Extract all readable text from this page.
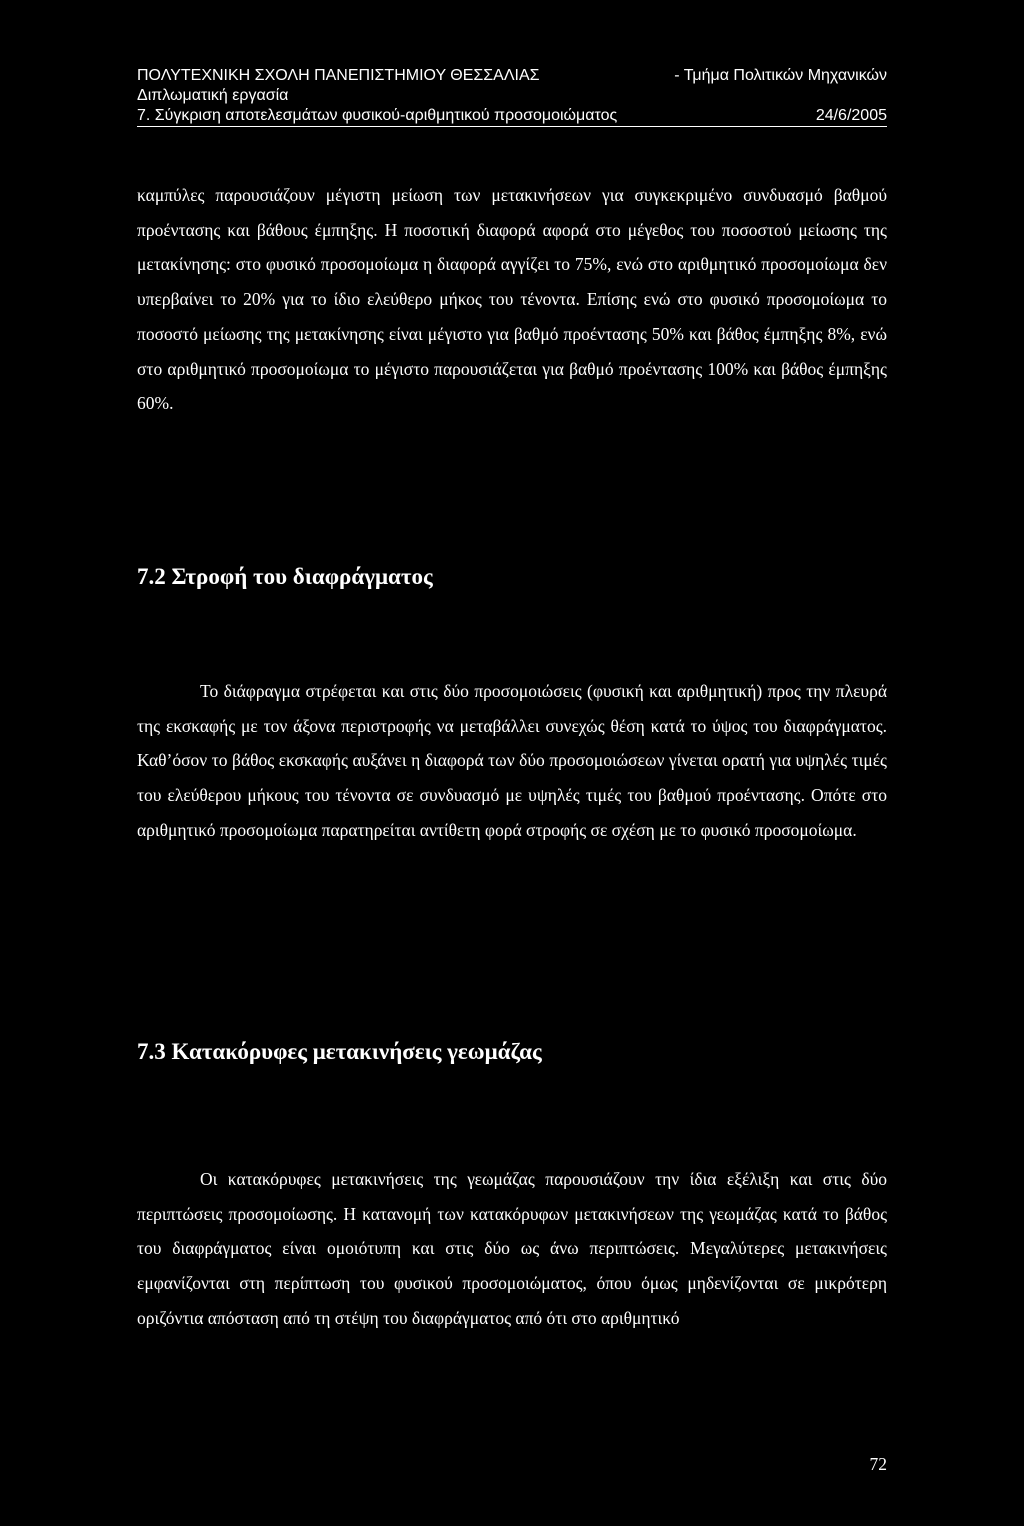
ΠΟΛΥΤΕΧΝΙΚΗ ΣΧΟΛΗ ΠΑΝΕΠΙΣΤΗΜΙΟΥ ΘΕΣΣΑΛΙΑΣ	- Τμήμα Πολιτικών Μηχανικών
Διπλωματική εργασία
7. Σύγκριση αποτελεσμάτων φυσικού-αριθμητικού προσομοιώματος	24/6/2005

καμπύλες παρουσιάζουν μέγιστη μείωση των μετακινήσεων για συγκεκριμένο συνδυασμό βαθμού προέντασης και βάθους έμπηξης. Η ποσοτική διαφορά αφορά στο μέγεθος του ποσοστού μείωσης της μετακίνησης: στο φυσικό προσομοίωμα η διαφορά αγγίζει το 75%, ενώ στο αριθμητικό προσομοίωμα δεν υπερβαίνει το 20% για το ίδιο ελεύθερο μήκος του τένοντα. Επίσης ενώ στο φυσικό προσομοίωμα το ποσοστό μείωσης της μετακίνησης είναι μέγιστο για βαθμό προέντασης 50% και βάθος έμπηξης 8%, ενώ στο αριθμητικό προσομοίωμα το μέγιστο παρουσιάζεται για βαθμό προέντασης 100% και βάθος έμπηξης 60%.

7.2 Στροφή του διαφράγματος

Το διάφραγμα στρέφεται και στις δύο προσομοιώσεις (φυσική και αριθμητική) προς την πλευρά της εκσκαφής με τον άξονα περιστροφής να μεταβάλλει συνεχώς θέση κατά το ύψος του διαφράγματος. Καθ’όσον το βάθος εκσκαφής αυξάνει η διαφορά των δύο προσομοιώσεων γίνεται ορατή για υψηλές τιμές του ελεύθερου μήκους του τένοντα σε συνδυασμό με υψηλές τιμές του βαθμού προέντασης. Οπότε στο αριθμητικό προσομοίωμα παρατηρείται αντίθετη φορά στροφής σε σχέση με το φυσικό προσομοίωμα.

7.3 Κατακόρυφες μετακινήσεις γεωμάζας

Οι κατακόρυφες μετακινήσεις της γεωμάζας παρουσιάζουν την ίδια εξέλιξη και στις δύο περιπτώσεις προσομοίωσης. Η κατανομή των κατακόρυφων μετακινήσεων της γεωμάζας κατά το βάθος του διαφράγματος είναι ομοιότυπη και στις δύο ως άνω περιπτώσεις. Μεγαλύτερες μετακινήσεις εμφανίζονται στη περίπτωση του φυσικού προσομοιώματος, όπου όμως μηδενίζονται σε μικρότερη οριζόντια απόσταση από τη στέψη του διαφράγματος από ότι στο αριθμητικό

72
